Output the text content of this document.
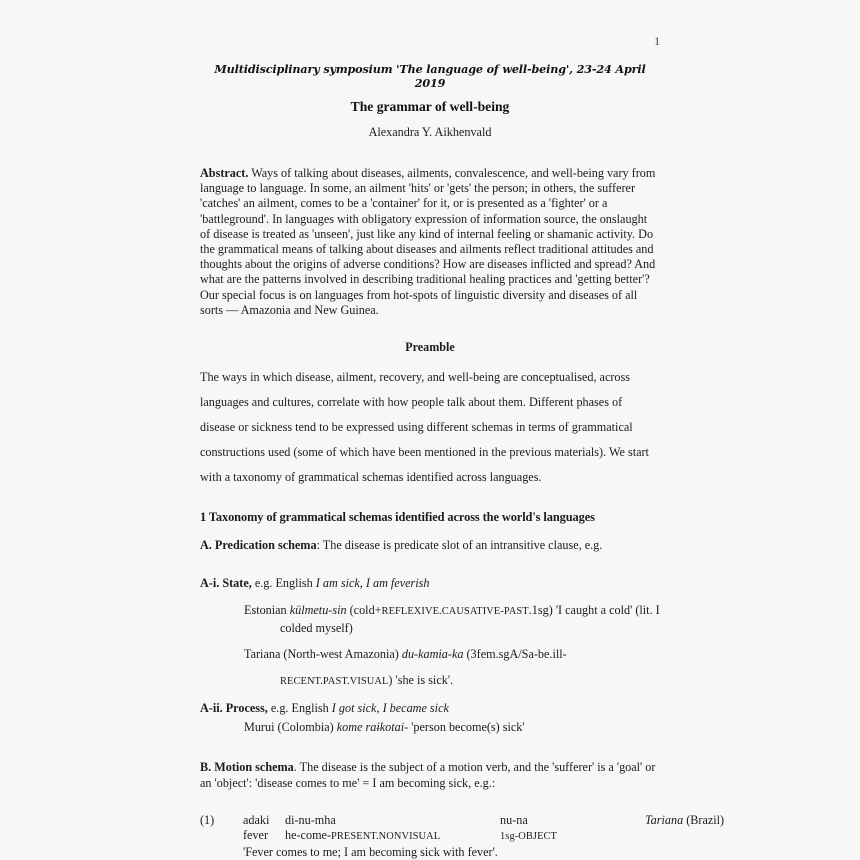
1
Multidisciplinary symposium 'The language of well-being', 23-24 April 2019
The grammar of well-being
Alexandra Y. Aikhenvald
Abstract. Ways of talking about diseases, ailments, convalescence, and well-being vary from language to language. In some, an ailment 'hits' or 'gets' the person; in others, the sufferer 'catches' an ailment, comes to be a 'container' for it, or is presented as a 'fighter' or a 'battleground'. In languages with obligatory expression of information source, the onslaught of disease is treated as 'unseen', just like any kind of internal feeling or shamanic activity. Do the grammatical means of talking about diseases and ailments reflect traditional attitudes and thoughts about the origins of adverse conditions? How are diseases inflicted and spread? And what are the patterns involved in describing traditional healing practices and 'getting better'? Our special focus is on languages from hot-spots of linguistic diversity and diseases of all sorts — Amazonia and New Guinea.
Preamble
The ways in which disease, ailment, recovery, and well-being are conceptualised, across languages and cultures, correlate with how people talk about them. Different phases of disease or sickness tend to be expressed using different schemas in terms of grammatical constructions used (some of which have been mentioned in the previous materials). We start with a taxonomy of grammatical schemas identified across languages.
1 Taxonomy of grammatical schemas identified across the world's languages
A. Predication schema: The disease is predicate slot of an intransitive clause, e.g.
A-i. State, e.g. English I am sick, I am feverish
Estonian külmetu-sin (cold+REFLEXIVE.CAUSATIVE-PAST.1sg) 'I caught a cold' (lit. I
colded myself)
Tariana (North-west Amazonia) du-kamia-ka (3fem.sgA/Sa-be.ill-
RECENT.PAST.VISUAL) 'she is sick'.
A-ii. Process, e.g. English I got sick, I became sick
Murui (Colombia) kome raɨkotai- 'person become(s) sick'
B. Motion schema. The disease is the subject of a motion verb, and the 'sufferer' is a 'goal' or an 'object': 'disease comes to me' = I am becoming sick, e.g.:
(1)	adaki	di-nu-mha	nu-na	Tariana (Brazil)
fever	he-come-PRESENT.NONVISUAL	1sg-OBJECT
'Fever comes to me; I am becoming sick with fever'.
